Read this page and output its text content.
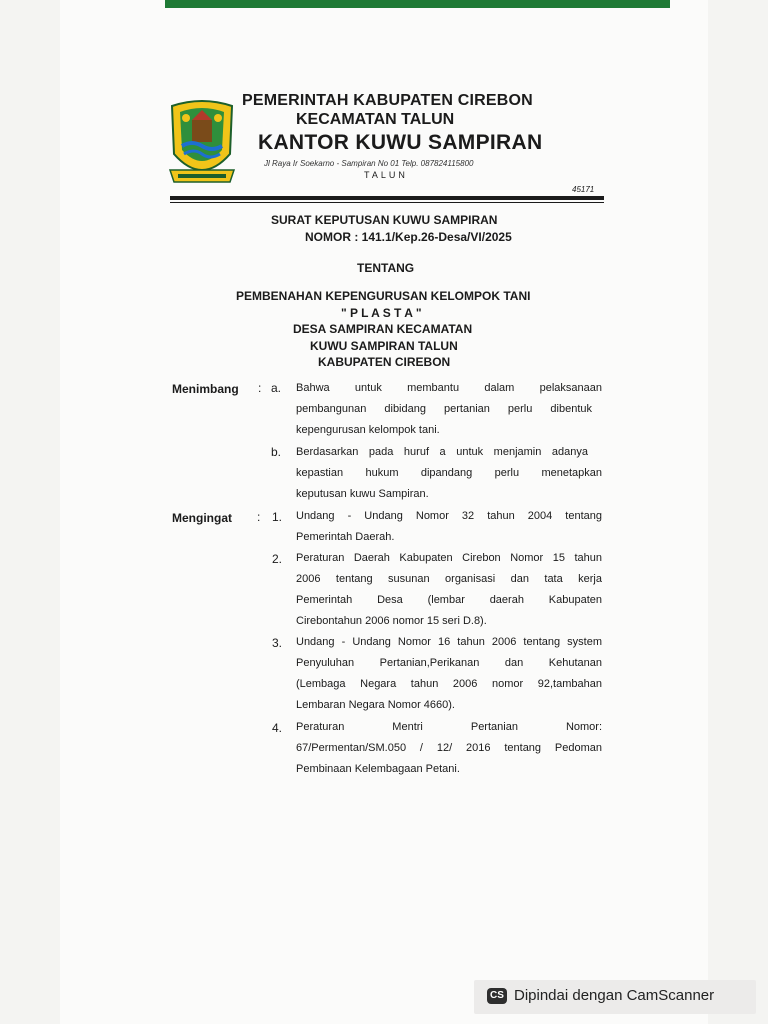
PEMERINTAH KABUPATEN CIREBON
KECAMATAN TALUN
KANTOR KUWU SAMPIRAN
Jl Raya Ir Soekarno - Sampiran No 01 Telp. 087824115800
TALUN
45171
SURAT KEPUTUSAN KUWU SAMPIRAN
NOMOR : 141.1/Kep.26-Desa/VI/2025
TENTANG
PEMBENAHAN KEPENGURUSAN KELOMPOK TANI
" P L A S T A "
DESA SAMPIRAN KECAMATAN
KUWU SAMPIRAN TALUN
KABUPATEN CIREBON
Menimbang : a. Bahwa untuk membantu dalam pelaksanaan
pembangunan dibidang pertanian perlu dibentuk
kepengurusan kelompok tani.
b. Berdasarkan pada huruf a untuk menjamin adanya
kepastian hukum dipandang perlu menetapkan
keputusan kuwu Sampiran.
Mengingat : 1. Undang - Undang Nomor 32 tahun 2004 tentang
Pemerintah Daerah.
2. Peraturan Daerah Kabupaten Cirebon Nomor 15 tahun
2006 tentang susunan organisasi dan tata kerja
Pemerintah Desa (lembar daerah Kabupaten
Cirebontahun 2006 nomor 15 seri D.8).
3. Undang - Undang Nomor 16 tahun 2006 tentang system
Penyuluhan Pertanian,Perikanan dan Kehutanan
(Lembaga Negara tahun 2006 nomor 92,tambahan
Lembaran Negara Nomor 4660).
4. Peraturan Mentri Pertanian Nomor:
67/Permentan/SM.050 / 12/ 2016 tentang Pedoman
Pembinaan Kelembagaan Petani.
CS Dipindai dengan CamScanner
